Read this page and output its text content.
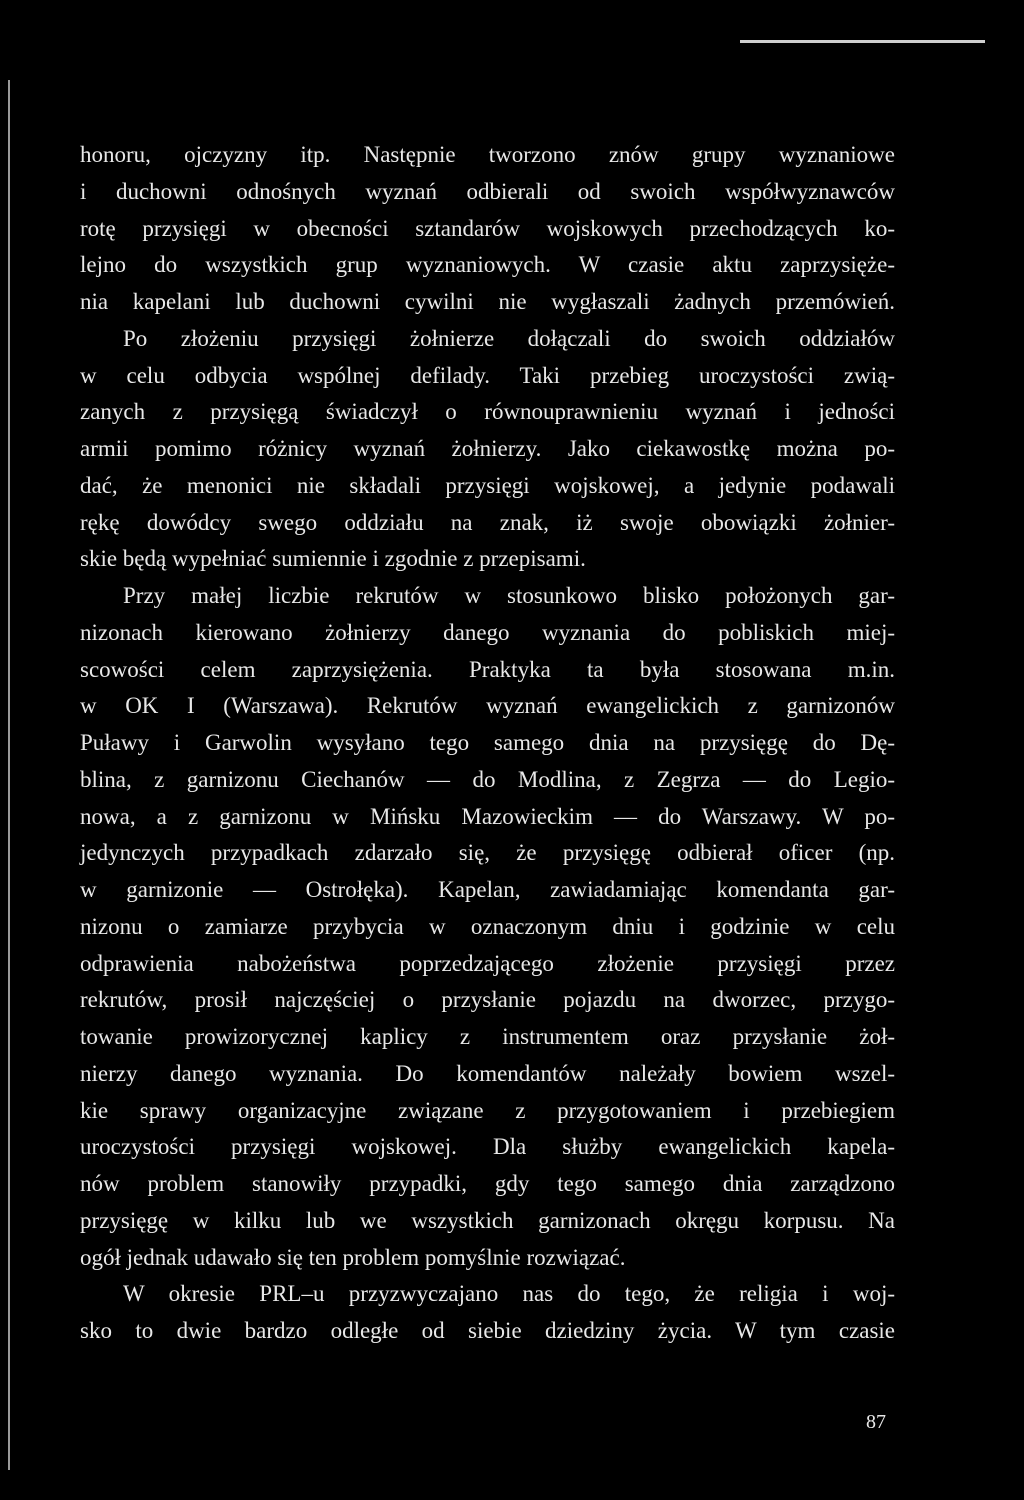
honoru, ojczyzny itp. Następnie tworzono znów grupy wyznaniowe
i duchowni odnośnych wyznań odbierali od swoich współwyznawców
rotę przysięgi w obecności sztandarów wojskowych przechodzących ko-
lejno do wszystkich grup wyznaniowych. W czasie aktu zaprzysięże-
nia kapelani lub duchowni cywilni nie wygłaszali żadnych przemówień.
Po złożeniu przysięgi żołnierze dołączali do swoich oddziałów
w celu odbycia wspólnej defilady. Taki przebieg uroczystości zwią-
zanych z przysięgą świadczył o równouprawnieniu wyznań i jedności
armii pomimo różnicy wyznań żołnierzy. Jako ciekawostkę można po-
dać, że menonici nie składali przysięgi wojskowej, a jedynie podawali
rękę dowódcy swego oddziału na znak, iż swoje obowiązki żołnier-
skie będą wypełniać sumiennie i zgodnie z przepisami.
Przy małej liczbie rekrutów w stosunkowo blisko położonych gar-
nizonach kierowano żołnierzy danego wyznania do pobliskich miej-
scowości celem zaprzysiężenia. Praktyka ta była stosowana m.in.
w OK I (Warszawa). Rekrutów wyznań ewangelickich z garnizonów
Puławy i Garwolin wysyłano tego samego dnia na przysięgę do Dę-
blina, z garnizonu Ciechanów — do Modlina, z Zegrza — do Legio-
nowa, a z garnizonu w Mińsku Mazowieckim — do Warszawy. W po-
jedynczych przypadkach zdarzało się, że przysięgę odbierał oficer (np.
w garnizonie — Ostrołęka). Kapelan, zawiadamiając komendanta gar-
nizonu o zamiarze przybycia w oznaczonym dniu i godzinie w celu
odprawienia nabożeństwa poprzedzającego złożenie przysięgi przez
rekrutów, prosił najczęściej o przysłanie pojazdu na dworzec, przygo-
towanie prowizorycznej kaplicy z instrumentem oraz przysłanie żoł-
nierzy danego wyznania. Do komendantów należały bowiem wszel-
kie sprawy organizacyjne związane z przygotowaniem i przebiegiem
uroczystości przysięgi wojskowej. Dla służby ewangelickich kapela-
nów problem stanowiły przypadki, gdy tego samego dnia zarządzono
przysięgę w kilku lub we wszystkich garnizonach okręgu korpusu. Na
ogół jednak udawało się ten problem pomyślnie rozwiązać.
W okresie PRL–u przyzwyczajano nas do tego, że religia i woj-
sko to dwie bardzo odległe od siebie dziedziny życia. W tym czasie
87
